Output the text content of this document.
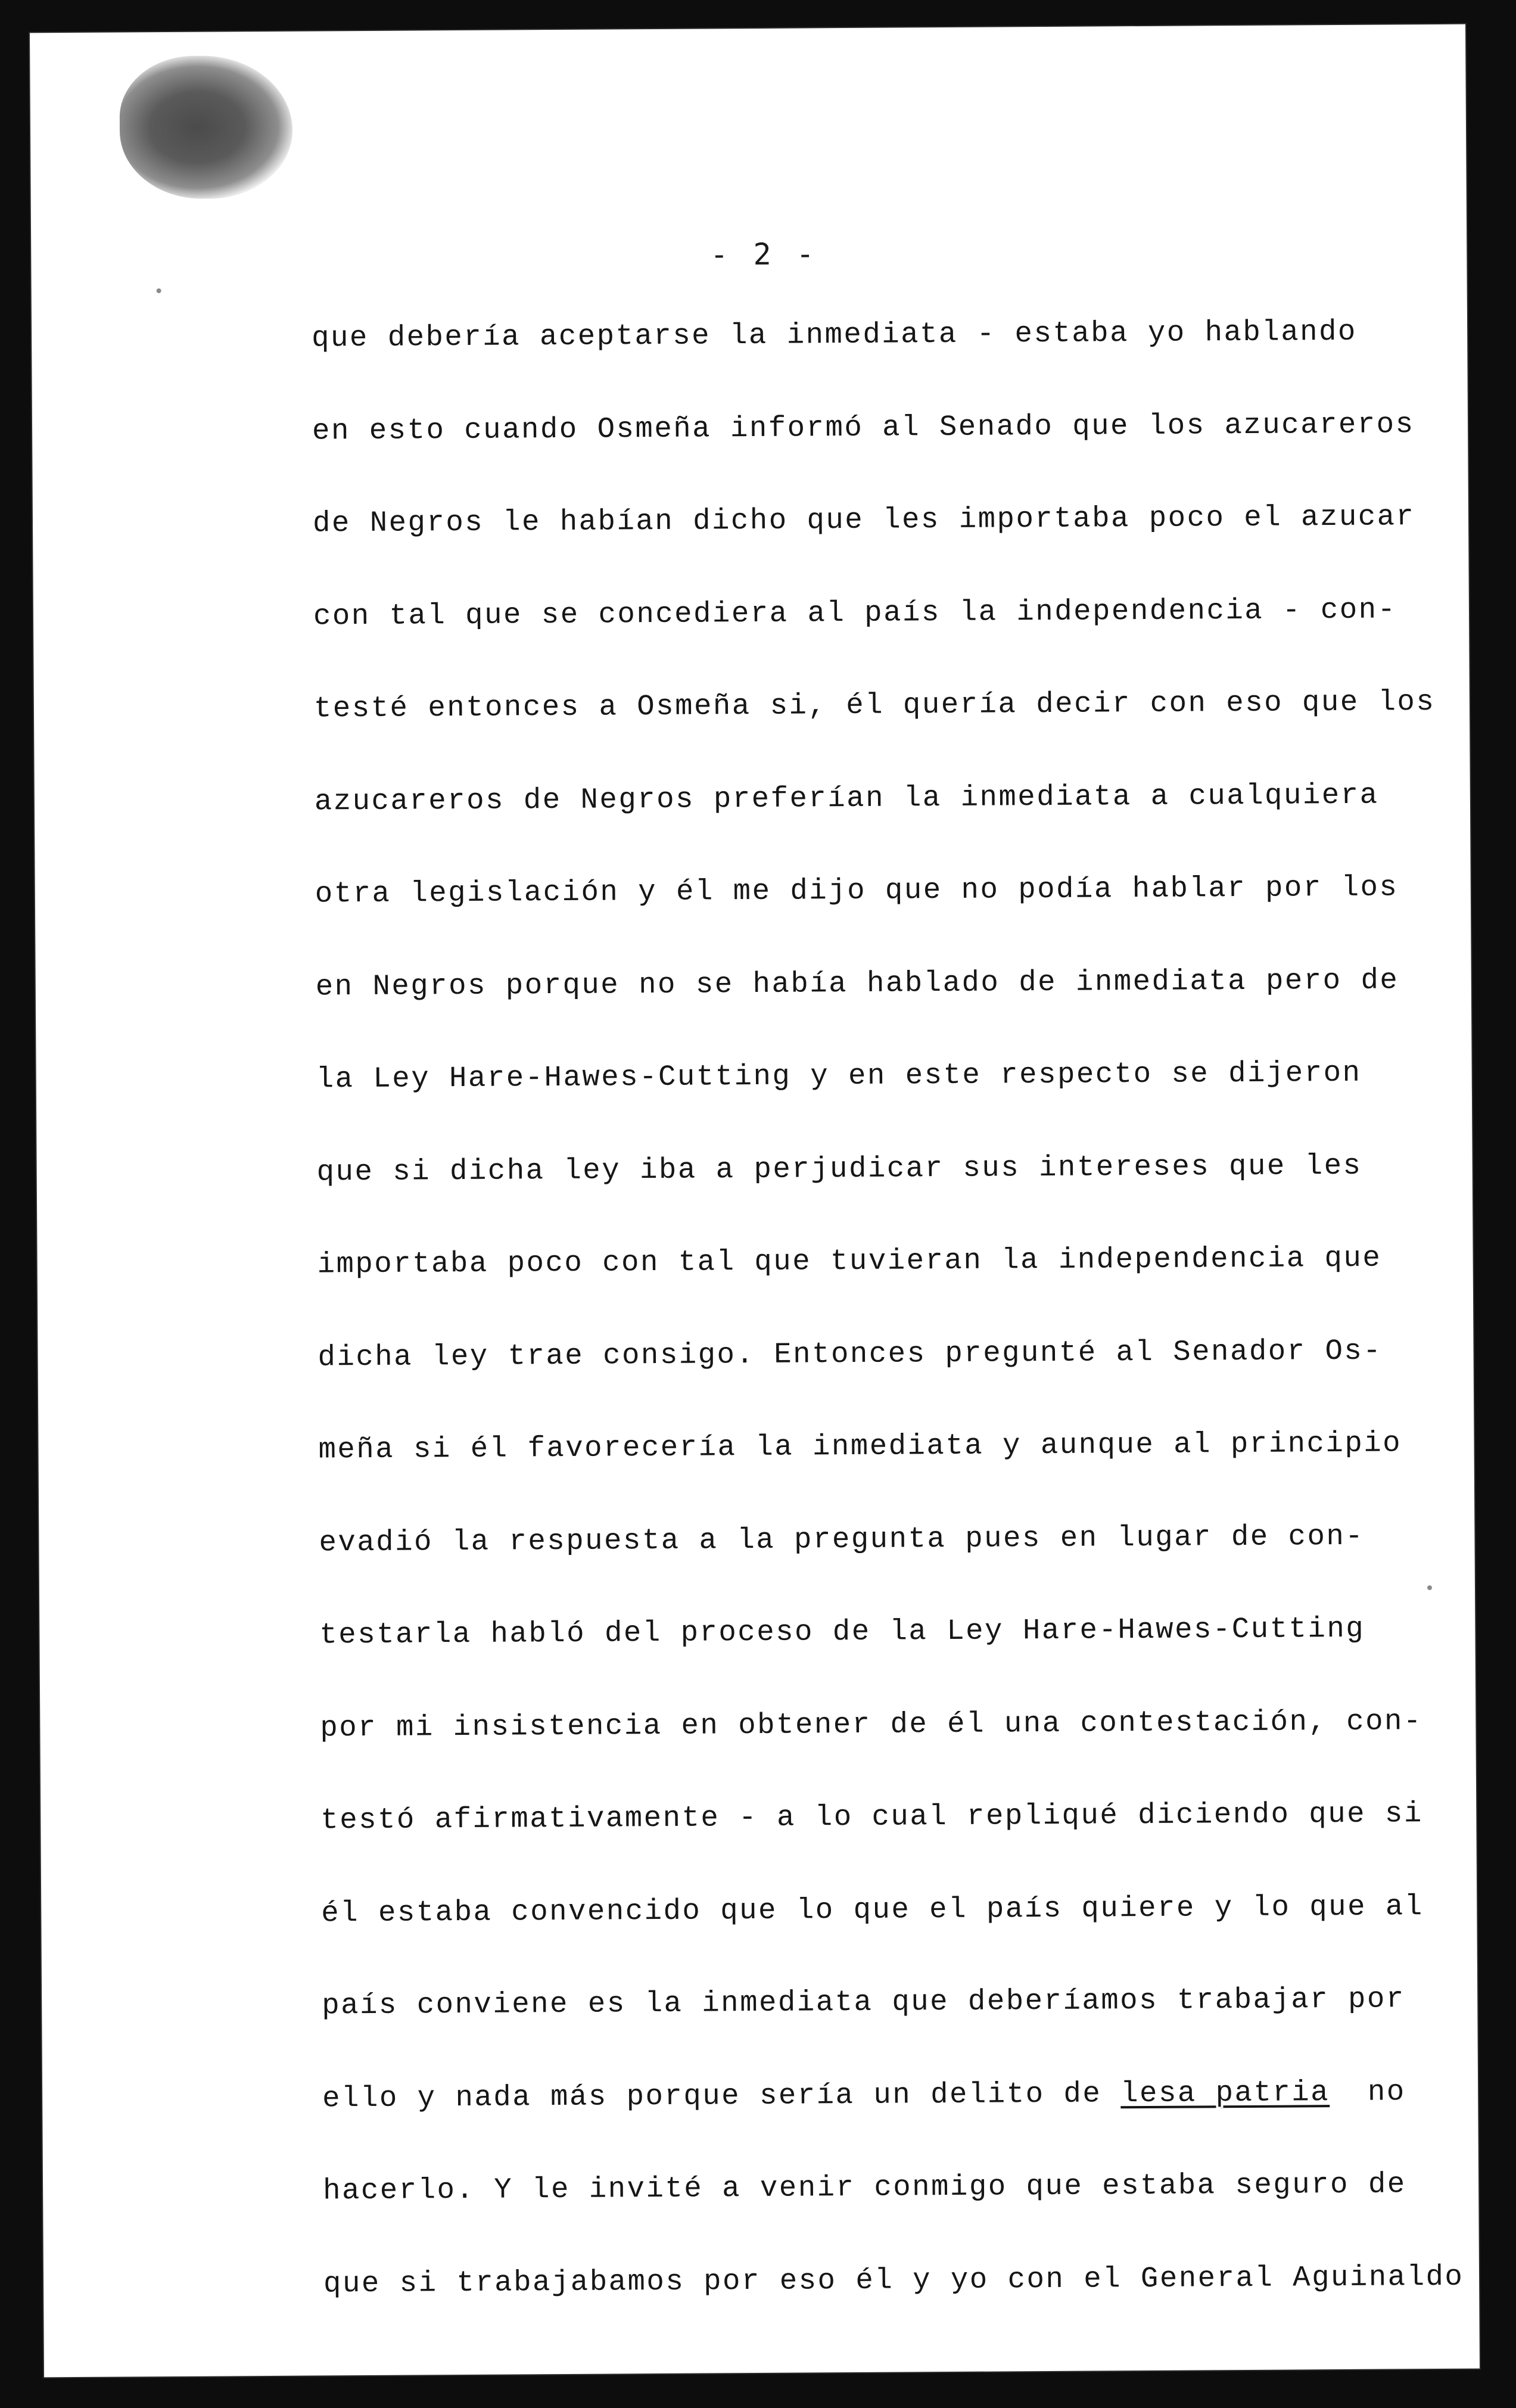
- 2 -
que debería aceptarse la inmediata - estaba yo hablando
en esto cuando Osmeña informó al Senado que los azucareros
de Negros le habían dicho que les importaba poco el azucar
con tal que se concediera al país la independencia - con-
testé entonces a Osmeña si, él quería decir con eso que los
azucareros de Negros preferían la inmediata a cualquiera
otra legislación y él me dijo que no podía hablar por los
en Negros porque no se había hablado de inmediata pero de
la Ley Hare-Hawes-Cutting y en este respecto se dijeron
que si dicha ley iba a perjudicar sus intereses que les
importaba poco con tal que tuvieran la independencia que
dicha ley trae consigo. Entonces pregunté al Senador Os-
meña si él favorecería la inmediata y aunque al principio
evadió la respuesta a la pregunta pues en lugar de con-
testarla habló del proceso de la Ley Hare-Hawes-Cutting
por mi insistencia en obtener de él una contestación, con-
testó afirmativamente - a lo cual repliqué diciendo que si
él estaba convencido que lo que el país quiere y lo que al
país conviene es la inmediata que deberíamos trabajar por
ello y nada más porque sería un delito de lesa patria no
hacerlo. Y le invité a venir conmigo que estaba seguro de
que si trabajabamos por eso él y yo con el General Aguinaldo
